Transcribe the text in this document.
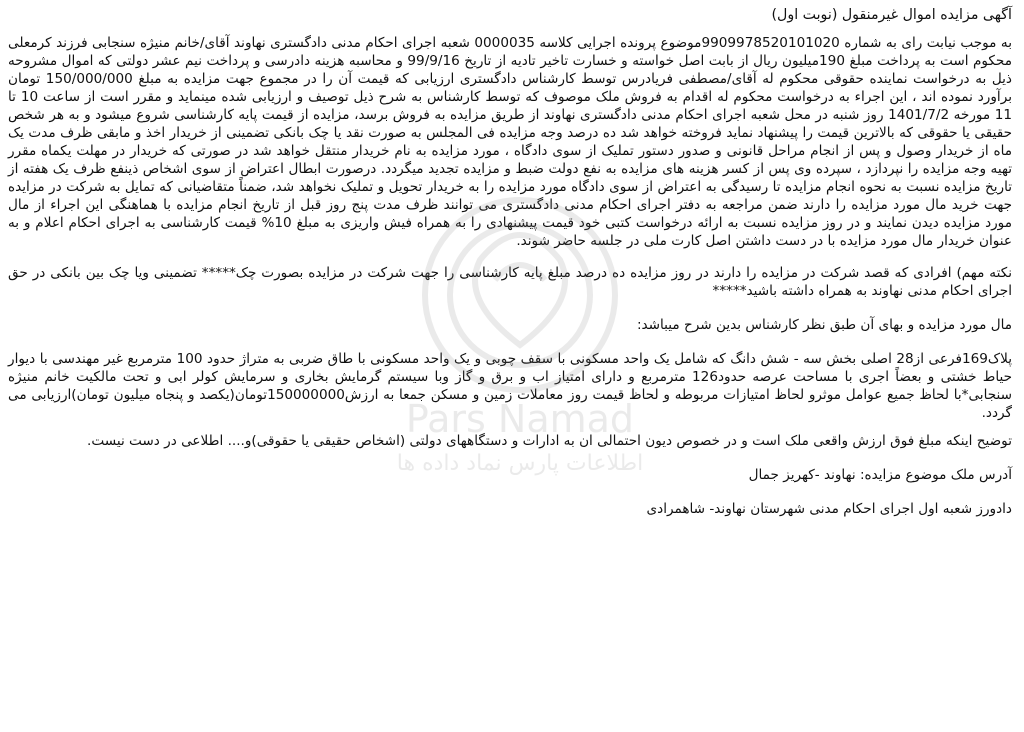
Pars Namad
اطلاعات پارس نماد داده ها
آگهی مزایده اموال غیرمنقول (نوبت اول)

به موجب نیابت رای به شماره 9909978520101020موضوع پرونده اجرایی کلاسه 0000035 شعبه اجرای احکام مدنی دادگستری نهاوند آقای/خانم منیژه سنجابی فرزند کرمعلی محکوم است به پرداخت مبلغ 190میلیون ریال از بابت اصل خواسته و خسارت تاخیر تادیه از تاریخ 99/9/16 و محاسبه هزینه دادرسی و پرداخت نیم عشر دولتی که اموال مشروحه ذیل به درخواست نماینده حقوقی محکوم له آقای/مصطفی فریادرس توسط کارشناس دادگستری ارزیابی که قیمت آن را در مجموع جهت مزایده به مبلغ 150/000/000 تومان برآورد نموده اند ، این اجراء به درخواست محکوم له اقدام به فروش ملک موصوف که توسط کارشناس به شرح ذیل توصیف و ارزیابی شده مینماید و مقرر است از ساعت 10 تا 11 مورخه 1401/7/2 روز شنبه در محل شعبه اجرای احکام مدنی دادگستری نهاوند از طریق مزایده به فروش برسد، مزایده از قیمت پایه کارشناسی شروع میشود و به هر شخص حقیقی یا حقوقی که بالاترین قیمت را پیشنهاد نماید فروخته خواهد شد ده درصد وجه مزایده فی المجلس به صورت نقد یا چک بانکی تضمینی از خریدار اخذ و مابقی ظرف مدت یک ماه از خریدار وصول و پس از انجام مراحل قانونی و صدور دستور تملیک از سوی دادگاه ، مورد مزایده به نام خریدار منتقل خواهد شد در صورتی که خریدار در مهلت یکماه مقرر تهیه وجه مزایده را نپردازد ، سپرده وی پس از کسر هزینه های مزایده به نفع دولت ضبط و مزایده تجدید میگردد. درصورت ابطال اعتراض از سوی اشخاص ذینفع ظرف یک هفته از تاریخ مزایده نسبت به نحوه انجام مزایده تا رسیدگی به اعتراض از سوی دادگاه مورد مزایده را به خریدار تحویل و تملیک نخواهد شد، ضمناً متقاضیانی که تمایل به شرکت در مزایده جهت خرید مال مورد مزایده را دارند ضمن مراجعه به دفتر اجرای احکام مدنی دادگستری می توانند ظرف مدت پنج روز قبل از تاریخ انجام مزایده با هماهنگی این اجراء از مال مورد مزایده دیدن نمایند و در روز مزایده نسبت به ارائه درخواست کتبی خود قیمت پیشنهادی را به همراه فیش واریزی به مبلغ 10% قیمت کارشناسی به اجرای احکام اعلام و به عنوان خریدار مال مورد مزایده با در دست داشتن اصل کارت ملی در جلسه حاضر شوند.

نکته مهم) افرادی که قصد شرکت در مزایده را دارند در روز مزایده ده درصد مبلغ پایه کارشناسی را جهت شرکت در مزایده بصورت چک***** تضمینی ویا چک بین بانکی در حق اجرای احکام مدنی نهاوند به همراه داشته باشید*****

مال مورد مزایده و بهای آن طبق نظر کارشناس بدین شرح میباشد:

پلاک169فرعی از28 اصلی بخش سه - شش دانگ که شامل یک واحد مسکونی با سقف چوبی و یک واحد مسکونی با طاق ضربی به متراژ حدود 100 مترمربع غیر مهندسی با دیوار حیاط خشتی و بعضاً اجری با مساحت عرصه حدود126 مترمربع و دارای امتیاز اب و برق و گاز وبا سیستم گرمایش بخاری و سرمایش کولر ابی و تحت مالکیت خانم منیژه سنجابی*با لحاظ جمیع عوامل موثرو لحاظ امتیازات مربوطه و لحاظ قیمت روز معاملات زمین و مسکن جمعا به ارزش150000000تومان(یکصد و پنجاه میلیون تومان)ارزیابی می گردد.

توضیح اینکه مبلغ فوق ارزش واقعی ملک است و در خصوص دیون احتمالی ان به ادارات و دستگاههای دولتی (اشخاص حقیقی یا حقوقی)و.... اطلاعی در دست نیست.

آدرس ملک موضوع مزایده: نهاوند -کهریز جمال

دادورز شعبه اول اجرای احکام مدنی شهرستان نهاوند- شاهمرادی
